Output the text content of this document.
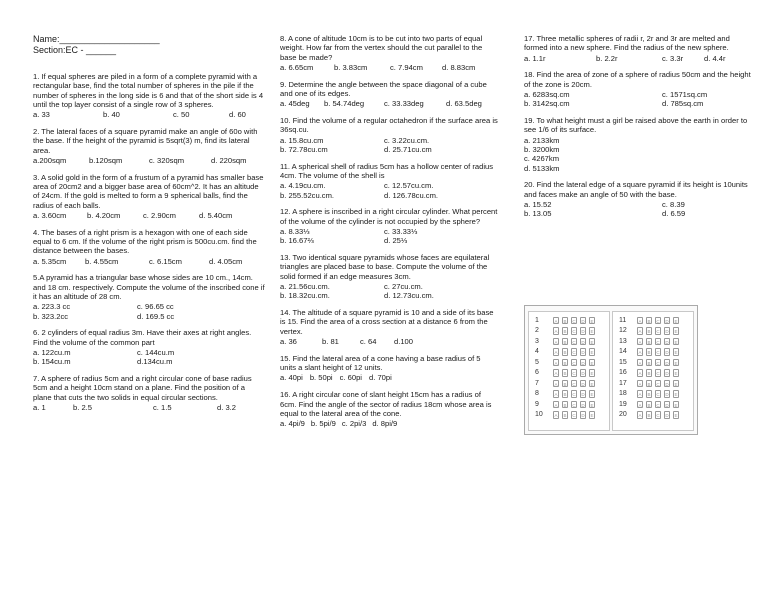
Name:____________________
Section:EC - ______

1. If equal spheres are piled in a form of a complete pyramid with a rectangular base, find the total number of spheres in the pile if the number of spheres in the long side is 6 and that of the short side is 4 until the top layer consist of a single row of 3 spheres.

a. 33	b. 40	c. 50	d. 60

2. The lateral faces of a square pyramid make an angle of 60o with the base. If the height of the pyramid is 5sqrt(3) m, find its lateral area.

a.200sqm	b.120sqm	c. 320sqm	d. 220sqm

3. A solid gold in the form of a frustum of a pyramid has smaller base area of 20cm2 and a bigger base area of 60cm^2. It has an altitude of 24cm. If the gold is melted to form a 9 spherical balls, find the radius of each balls.

a. 3.60cm	b. 4.20cm	c. 2.90cm	d. 5.40cm

4. The bases of a right prism is a hexagon with one of each side equal to 6 cm. If the volume of the right prism is 500cu.cm. find the distance between the bases.

a. 5.35cm	b. 4.55cm	c. 6.15cm	d. 4.05cm

5.A pyramid has a triangular base whose sides are 10 cm., 14cm. and 18 cm. respectively. Compute the volume of the inscribed cone if it has an altitude of 28 cm.

a. 223.3 cc	c. 96.65 cc
b. 323.2cc	d. 169.5 cc

6. 2 cylinders of equal radius 3m. Have their axes at right angles. Find the volume of the common part

a. 122cu.m	c. 144cu.m
b. 154cu.m	d.134cu.m

7. A sphere of radius 5cm and a right circular cone of base radius 5cm and a height 10cm stand on a plane. Find the position of a plane that cuts the two solids in equal circular sections.

a. 1	b. 2.5	c. 1.5	d. 3.2

8. A cone of altitude 10cm is to be cut into two parts of equal weight. How far from the vertex should the cut parallel to the base be made?

a. 6.65cm	b. 3.83cm	c. 7.94cm	d. 8.83cm

9. Determine the angle between the space diagonal of a cube and one of its edges.

a. 45deg	b. 54.74deg	c. 33.33deg	d. 63.5deg

10. Find the volume of a regular octahedron if the surface area is 36sq.cu.

a. 15.8cu.cm	c. 3.22cu.cm.
b. 72.78cu.cm	d. 25.71cu.cm

11. A spherical shell of radius 5cm has a hollow center of radius 4cm. The volume of the shell is

a. 4.19cu.cm.	c. 12.57cu.cm.
b. 255.52cu.cm.	d. 126.78cu.cm.

12. A sphere is inscribed in a right circular cylinder. What percent of the volume of the cylinder is not occupied by the sphere?

a. 8.33⅓	c. 33.33⅓
b. 16.67⅔	d. 25⅓

13. Two identical square pyramids whose faces are equilateral triangles are placed base to base. Compute the volume of the solid formed if an edge measures 3cm.

a. 21.56cu.cm.	c. 27cu.cm.
b. 18.32cu.cm.	d. 12.73cu.cm.

14. The altitude of a square pyramid is 10 and a side of its base is 15. Find the area of a cross section at a distance 6 from the vertex.

a. 36	b. 81	c. 64	d.100

15. Find the lateral area of a cone having a base radius of 5 units a slant height of 12 units.

a. 40pi b. 50pi c. 60pi d. 70pi

16. A right circular cone of slant height 15cm has a radius of 6cm. Find the angle of the sector of radius 18cm whose area is equal to the lateral area of the cone.

a. 4pi/9 b. 5pi/9 c. 2pi/3 d. 8pi/9

17. Three metallic spheres of radii r, 2r and 3r are melted and formed into a new sphere. Find the radius of the new sphere.

a. 1.1r	b. 2.2r	c. 3.3r	d. 4.4r

18. Find the area of zone of a sphere of radius 50cm and the height of the zone is 20cm.

a. 6283sq.cm	c. 1571sq.cm
b. 3142sq.cm	d. 785sq.cm

19. To what height must a girl be raised above the earth in order to see 1/6 of its surface.

a. 2133km
b. 3200km
c. 4267km
d. 5133km

20. Find the lateral edge of a square pyramid if its height is 10units and faces make an angle of 50 with the base.

a. 15.52	c. 8.39
b. 13.05	d. 6.59
1	A	B	C	D	E
2	A	B	C	D	E
3	A	B	C	D	E
4	A	B	C	D	E
5	A	B	C	D	E
6	A	B	C	D	E
7	A	B	C	D	E
8	A	B	C	D	E
9	A	B	C	D	E
10	A	B	C	D	E
11	A	B	C	D	E
12	A	B	C	D	E
13	A	B	C	D	E
14	A	B	C	D	E
15	A	B	C	D	E
16	A	B	C	D	E
17	A	B	C	D	E
18	A	B	C	D	E
19	A	B	C	D	E
20	A	B	C	D	E
